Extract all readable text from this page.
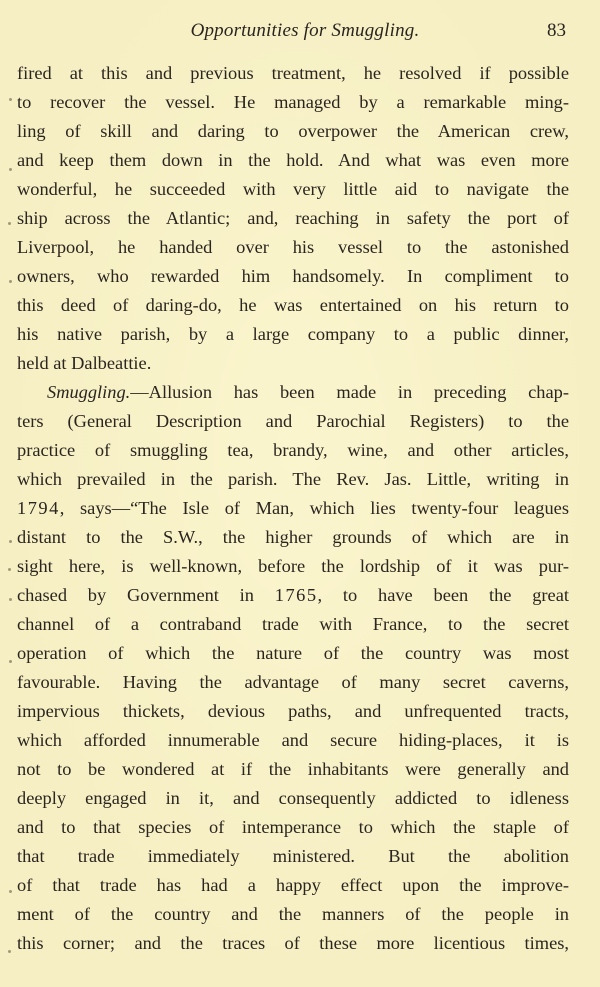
Opportunities for Smuggling.	83
fired at this and previous treatment, he resolved if possible
to recover the vessel. He managed by a remarkable ming-
ling of skill and daring to overpower the American crew,
and keep them down in the hold. And what was even more
wonderful, he succeeded with very little aid to navigate the
ship across the Atlantic; and, reaching in safety the port of
Liverpool, he handed over his vessel to the astonished
owners, who rewarded him handsomely. In compliment to
this deed of daring-do, he was entertained on his return to
his native parish, by a large company to a public dinner,
held at Dalbeattie.
Smuggling.—Allusion has been made in preceding chap-
ters (General Description and Parochial Registers) to the
practice of smuggling tea, brandy, wine, and other articles,
which prevailed in the parish. The Rev. Jas. Little, writing in
1794, says—“The Isle of Man, which lies twenty-four leagues
distant to the S.W., the higher grounds of which are in
sight here, is well-known, before the lordship of it was pur-
chased by Government in 1765, to have been the great
channel of a contraband trade with France, to the secret
operation of which the nature of the country was most
favourable. Having the advantage of many secret caverns,
impervious thickets, devious paths, and unfrequented tracts,
which afforded innumerable and secure hiding-places, it is
not to be wondered at if the inhabitants were generally and
deeply engaged in it, and consequently addicted to idleness
and to that species of intemperance to which the staple of
that trade immediately ministered. But the abolition
of that trade has had a happy effect upon the improve-
ment of the country and the manners of the people in
this corner; and the traces of these more licentious times,
